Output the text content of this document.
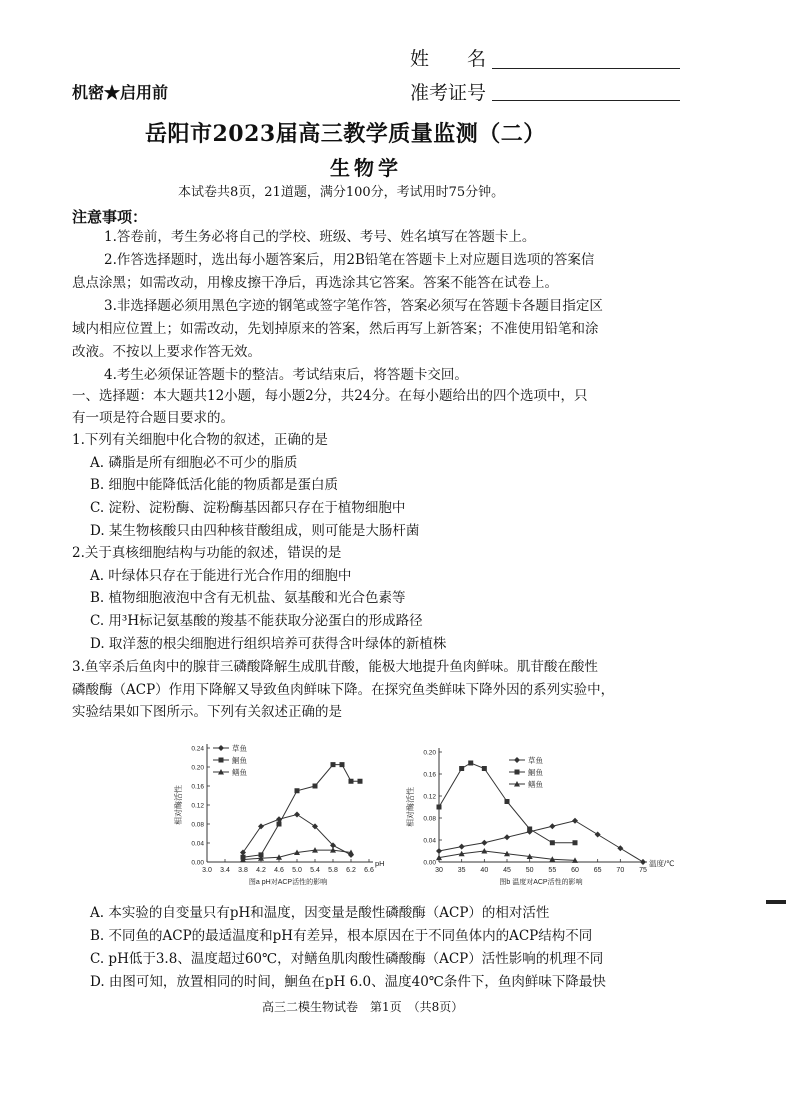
姓　　名
准考证号
机密★启用前
岳阳市2023届高三教学质量监测（二）
生物学
本试卷共8页，21道题，满分100分，考试用时75分钟。
注意事项：
1.答卷前，考生务必将自己的学校、班级、考号、姓名填写在答题卡上。
2.作答选择题时，选出每小题答案后，用2B铅笔在答题卡上对应题目选项的答案信
息点涂黑；如需改动，用橡皮擦干净后，再选涂其它答案。答案不能答在试卷上。
3.非选择题必须用黑色字迹的钢笔或签字笔作答，答案必须写在答题卡各题目指定区
域内相应位置上；如需改动，先划掉原来的答案，然后再写上新答案；不准使用铅笔和涂
改液。不按以上要求作答无效。
4.考生必须保证答题卡的整洁。考试结束后，将答题卡交回。
一、选择题：本大题共12小题，每小题2分，共24分。在每小题给出的四个选项中，只
有一项是符合题目要求的。
1.下列有关细胞中化合物的叙述，正确的是
A. 磷脂是所有细胞必不可少的脂质
B. 细胞中能降低活化能的物质都是蛋白质
C. 淀粉、淀粉酶、淀粉酶基因都只存在于植物细胞中
D. 某生物核酸只由四种核苷酸组成，则可能是大肠杆菌
2.关于真核细胞结构与功能的叙述，错误的是
A. 叶绿体只存在于能进行光合作用的细胞中
B. 植物细胞液泡中含有无机盐、氨基酸和光合色素等
C. 用³H标记氨基酸的羧基不能获取分泌蛋白的形成路径
D. 取洋葱的根尖细胞进行组织培养可获得含叶绿体的新植株
3.鱼宰杀后鱼肉中的腺苷三磷酸降解生成肌苷酸，能极大地提升鱼肉鲜味。肌苷酸在酸性
磷酸酶（ACP）作用下降解又导致鱼肉鲜味下降。在探究鱼类鲜味下降外因的系列实验中，
实验结果如下图所示。下列有关叙述正确的是
0.00
0.04
0.08
0.12
0.16
0.20
0.24
3.0 3.4 3.8 4.2 4.6 5.0 5.4 5.8 6.2 6.6
pH
相对酶活性
图a pH对ACP活性的影响
草鱼
鮰鱼
鳝鱼
0.00
0.04
0.08
0.12
0.16
0.20
30 35 40 45 50 55 60 65 70 75
温度/℃
相对酶活性
图b 温度对ACP活性的影响
草鱼
鮰鱼
鳝鱼
A. 本实验的自变量只有pH和温度，因变量是酸性磷酸酶（ACP）的相对活性
B. 不同鱼的ACP的最适温度和pH有差异，根本原因在于不同鱼体内的ACP结构不同
C. pH低于3.8、温度超过60℃，对鳝鱼肌肉酸性磷酸酶（ACP）活性影响的机理不同
D. 由图可知，放置相同的时间，鮰鱼在pH 6.0、温度40℃条件下，鱼肉鲜味下降最快
高三二模生物试卷　第1页　（共8页）
